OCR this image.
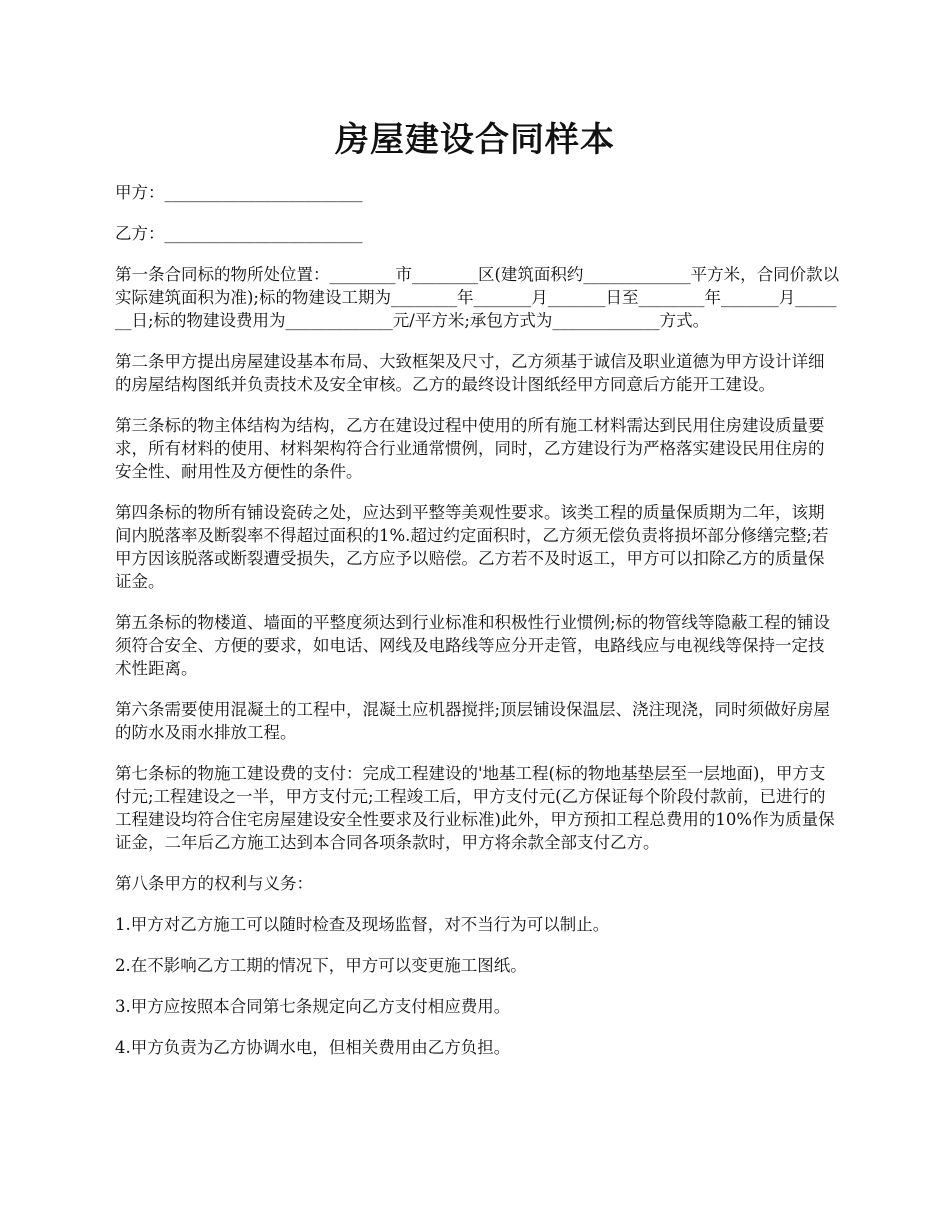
房屋建设合同样本

甲方：________________________

乙方：________________________

第一条合同标的物所处位置：________市________区(建筑面积约_____________平方米，合同价款以实际建筑面积为准);标的物建设工期为________年_______月_______日至________年_______月_______日;标的物建设费用为_____________元/平方米;承包方式为_____________方式。

第二条甲方提出房屋建设基本布局、大致框架及尺寸，乙方须基于诚信及职业道德为甲方设计详细的房屋结构图纸并负责技术及安全审核。乙方的最终设计图纸经甲方同意后方能开工建设。

第三条标的物主体结构为结构，乙方在建设过程中使用的所有施工材料需达到民用住房建设质量要求，所有材料的使用、材料架构符合行业通常惯例，同时，乙方建设行为严格落实建设民用住房的安全性、耐用性及方便性的条件。

第四条标的物所有铺设瓷砖之处，应达到平整等美观性要求。该类工程的质量保质期为二年，该期间内脱落率及断裂率不得超过面积的1%.超过约定面积时，乙方须无偿负责将损坏部分修缮完整;若甲方因该脱落或断裂遭受损失，乙方应予以赔偿。乙方若不及时返工，甲方可以扣除乙方的质量保证金。

第五条标的物楼道、墙面的平整度须达到行业标准和积极性行业惯例;标的物管线等隐蔽工程的铺设须符合安全、方便的要求，如电话、网线及电路线等应分开走管，电路线应与电视线等保持一定技术性距离。

第六条需要使用混凝土的工程中，混凝土应机器搅拌;顶层铺设保温层、浇注现浇，同时须做好房屋的防水及雨水排放工程。

第七条标的物施工建设费的支付：完成工程建设的'地基工程(标的物地基垫层至一层地面)，甲方支付元;工程建设之一半，甲方支付元;工程竣工后，甲方支付元(乙方保证每个阶段付款前，已进行的工程建设均符合住宅房屋建设安全性要求及行业标准)此外，甲方预扣工程总费用的10%作为质量保证金，二年后乙方施工达到本合同各项条款时，甲方将余款全部支付乙方。

第八条甲方的权利与义务：

1.甲方对乙方施工可以随时检查及现场监督，对不当行为可以制止。

2.在不影响乙方工期的情况下，甲方可以变更施工图纸。

3.甲方应按照本合同第七条规定向乙方支付相应费用。

4.甲方负责为乙方协调水电，但相关费用由乙方负担。
